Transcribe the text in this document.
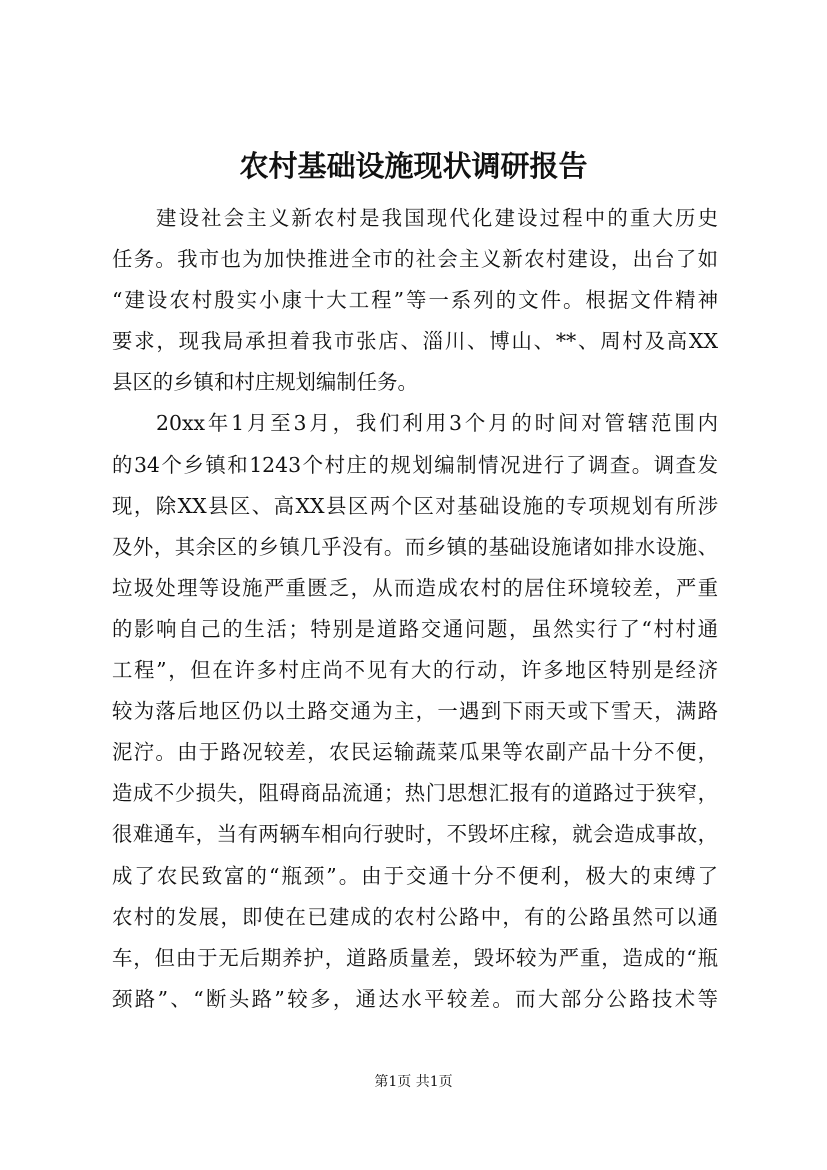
农村基础设施现状调研报告
建设社会主义新农村是我国现代化建设过程中的重大历史
任务。我市也为加快推进全市的社会主义新农村建设，出台了如
“建设农村殷实小康十大工程”等一系列的文件。根据文件精神
要求，现我局承担着我市张店、淄川、博山、**、周村及高XX
县区的乡镇和村庄规划编制任务。
20xx年1月至3月，我们利用3个月的时间对管辖范围内
的34个乡镇和1243个村庄的规划编制情况进行了调查。调查发
现，除XX县区、高XX县区两个区对基础设施的专项规划有所涉
及外，其余区的乡镇几乎没有。而乡镇的基础设施诸如排水设施、
垃圾处理等设施严重匮乏，从而造成农村的居住环境较差，严重
的影响自己的生活；特别是道路交通问题，虽然实行了“村村通
工程”，但在许多村庄尚不见有大的行动，许多地区特别是经济
较为落后地区仍以土路交通为主，一遇到下雨天或下雪天，满路
泥泞。由于路况较差，农民运输蔬菜瓜果等农副产品十分不便，
造成不少损失，阻碍商品流通；热门思想汇报有的道路过于狭窄，
很难通车，当有两辆车相向行驶时，不毁坏庄稼，就会造成事故，
成了农民致富的“瓶颈”。由于交通十分不便利，极大的束缚了
农村的发展，即使在已建成的农村公路中，有的公路虽然可以通
车，但由于无后期养护，道路质量差，毁坏较为严重，造成的“瓶
颈路”、“断头路”较多，通达水平较差。而大部分公路技术等
第1页 共1页
